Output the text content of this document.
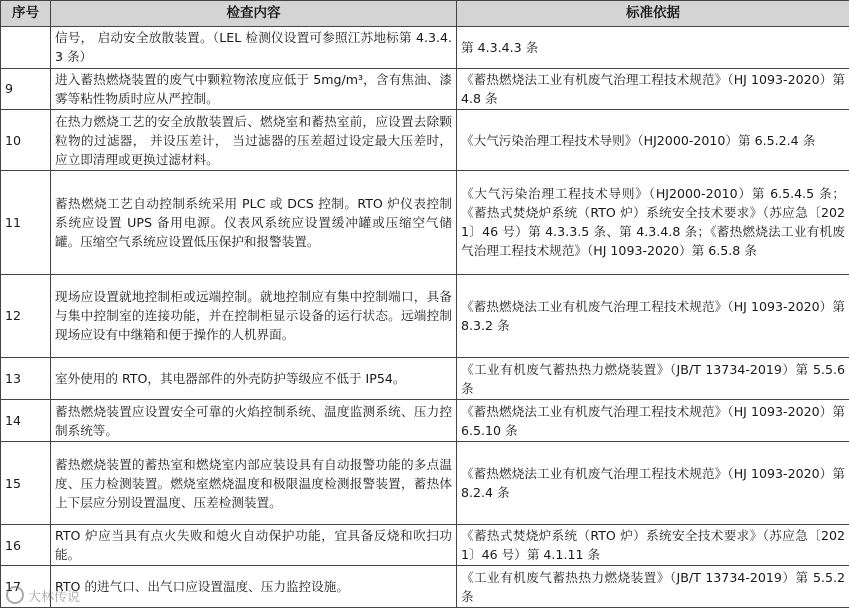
序号	检查内容	标准依据
	信号， 启动安全放散装置。（LEL 检测仪设置可参照江苏地标第 4.3.4.3 条）	第 4.3.4.3 条
9	进入蓄热燃烧装置的废气中颗粒物浓度应低于 5mg/m³，含有焦油、漆雾等粘性物质时应从严控制。	《蓄热燃烧法工业有机废气治理工程技术规范》（HJ 1093-2020）第 4.8 条
10	在热力燃烧工艺的安全放散装置后、燃烧室和蓄热室前，应设置去除颗粒物的过滤器， 并设压差计， 当过滤器的压差超过设定最大压差时， 应立即清理或更换过滤材料。	《大气污染治理工程技术导则》（HJ2000-2010）第 6.5.2.4 条
11	蓄热燃烧工艺自动控制系统采用 PLC 或 DCS 控制。RTO 炉仪表控制系统应设置 UPS 备用电源。仪表风系统应设置缓冲罐或压缩空气储罐。压缩空气系统应设置低压保护和报警装置。	《大气污染治理工程技术导则》（HJ2000-2010）第 6.5.4.5 条；《蓄热式焚烧炉系统（RTO 炉）系统安全技术要求》（苏应急〔2021〕46 号）第 4.3.3.5 条、第 4.3.4.8 条；《蓄热燃烧法工业有机废气治理工程技术规范》（HJ 1093-2020）第 6.5.8 条
12	现场应设置就地控制柜或远端控制。就地控制应有集中控制端口，具备与集中控制室的连接功能，并在控制柜显示设备的运行状态。远端控制现场应设有中继箱和便于操作的人机界面。	《蓄热燃烧法工业有机废气治理工程技术规范》（HJ 1093-2020）第 8.3.2 条
13	室外使用的 RTO，其电器部件的外壳防护等级应不低于 IP54。	《工业有机废气蓄热热力燃烧装置》（JB/T 13734-2019）第 5.5.6 条
14	蓄热燃烧装置应设置安全可靠的火焰控制系统、温度监测系统、压力控制系统等。	《蓄热燃烧法工业有机废气治理工程技术规范》（HJ 1093-2020）第 6.5.10 条
15	蓄热燃烧装置的蓄热室和燃烧室内部应装设具有自动报警功能的多点温度、压力检测装置。燃烧室燃烧温度和极限温度检测报警装置，蓄热体上下层应分别设置温度、压差检测装置。	《蓄热燃烧法工业有机废气治理工程技术规范》（HJ 1093-2020）第 8.2.4 条
16	RTO 炉应当具有点火失败和熄火自动保护功能，宜具备反烧和吹扫功能。	《蓄热式焚烧炉系统（RTO 炉）系统安全技术要求》（苏应急〔2021〕46 号）第 4.1.11 条
17	RTO 的进气口、出气口应设置温度、压力监控设施。	《工业有机废气蓄热热力燃烧装置》（JB/T 13734-2019）第 5.5.2 条
大林传说
